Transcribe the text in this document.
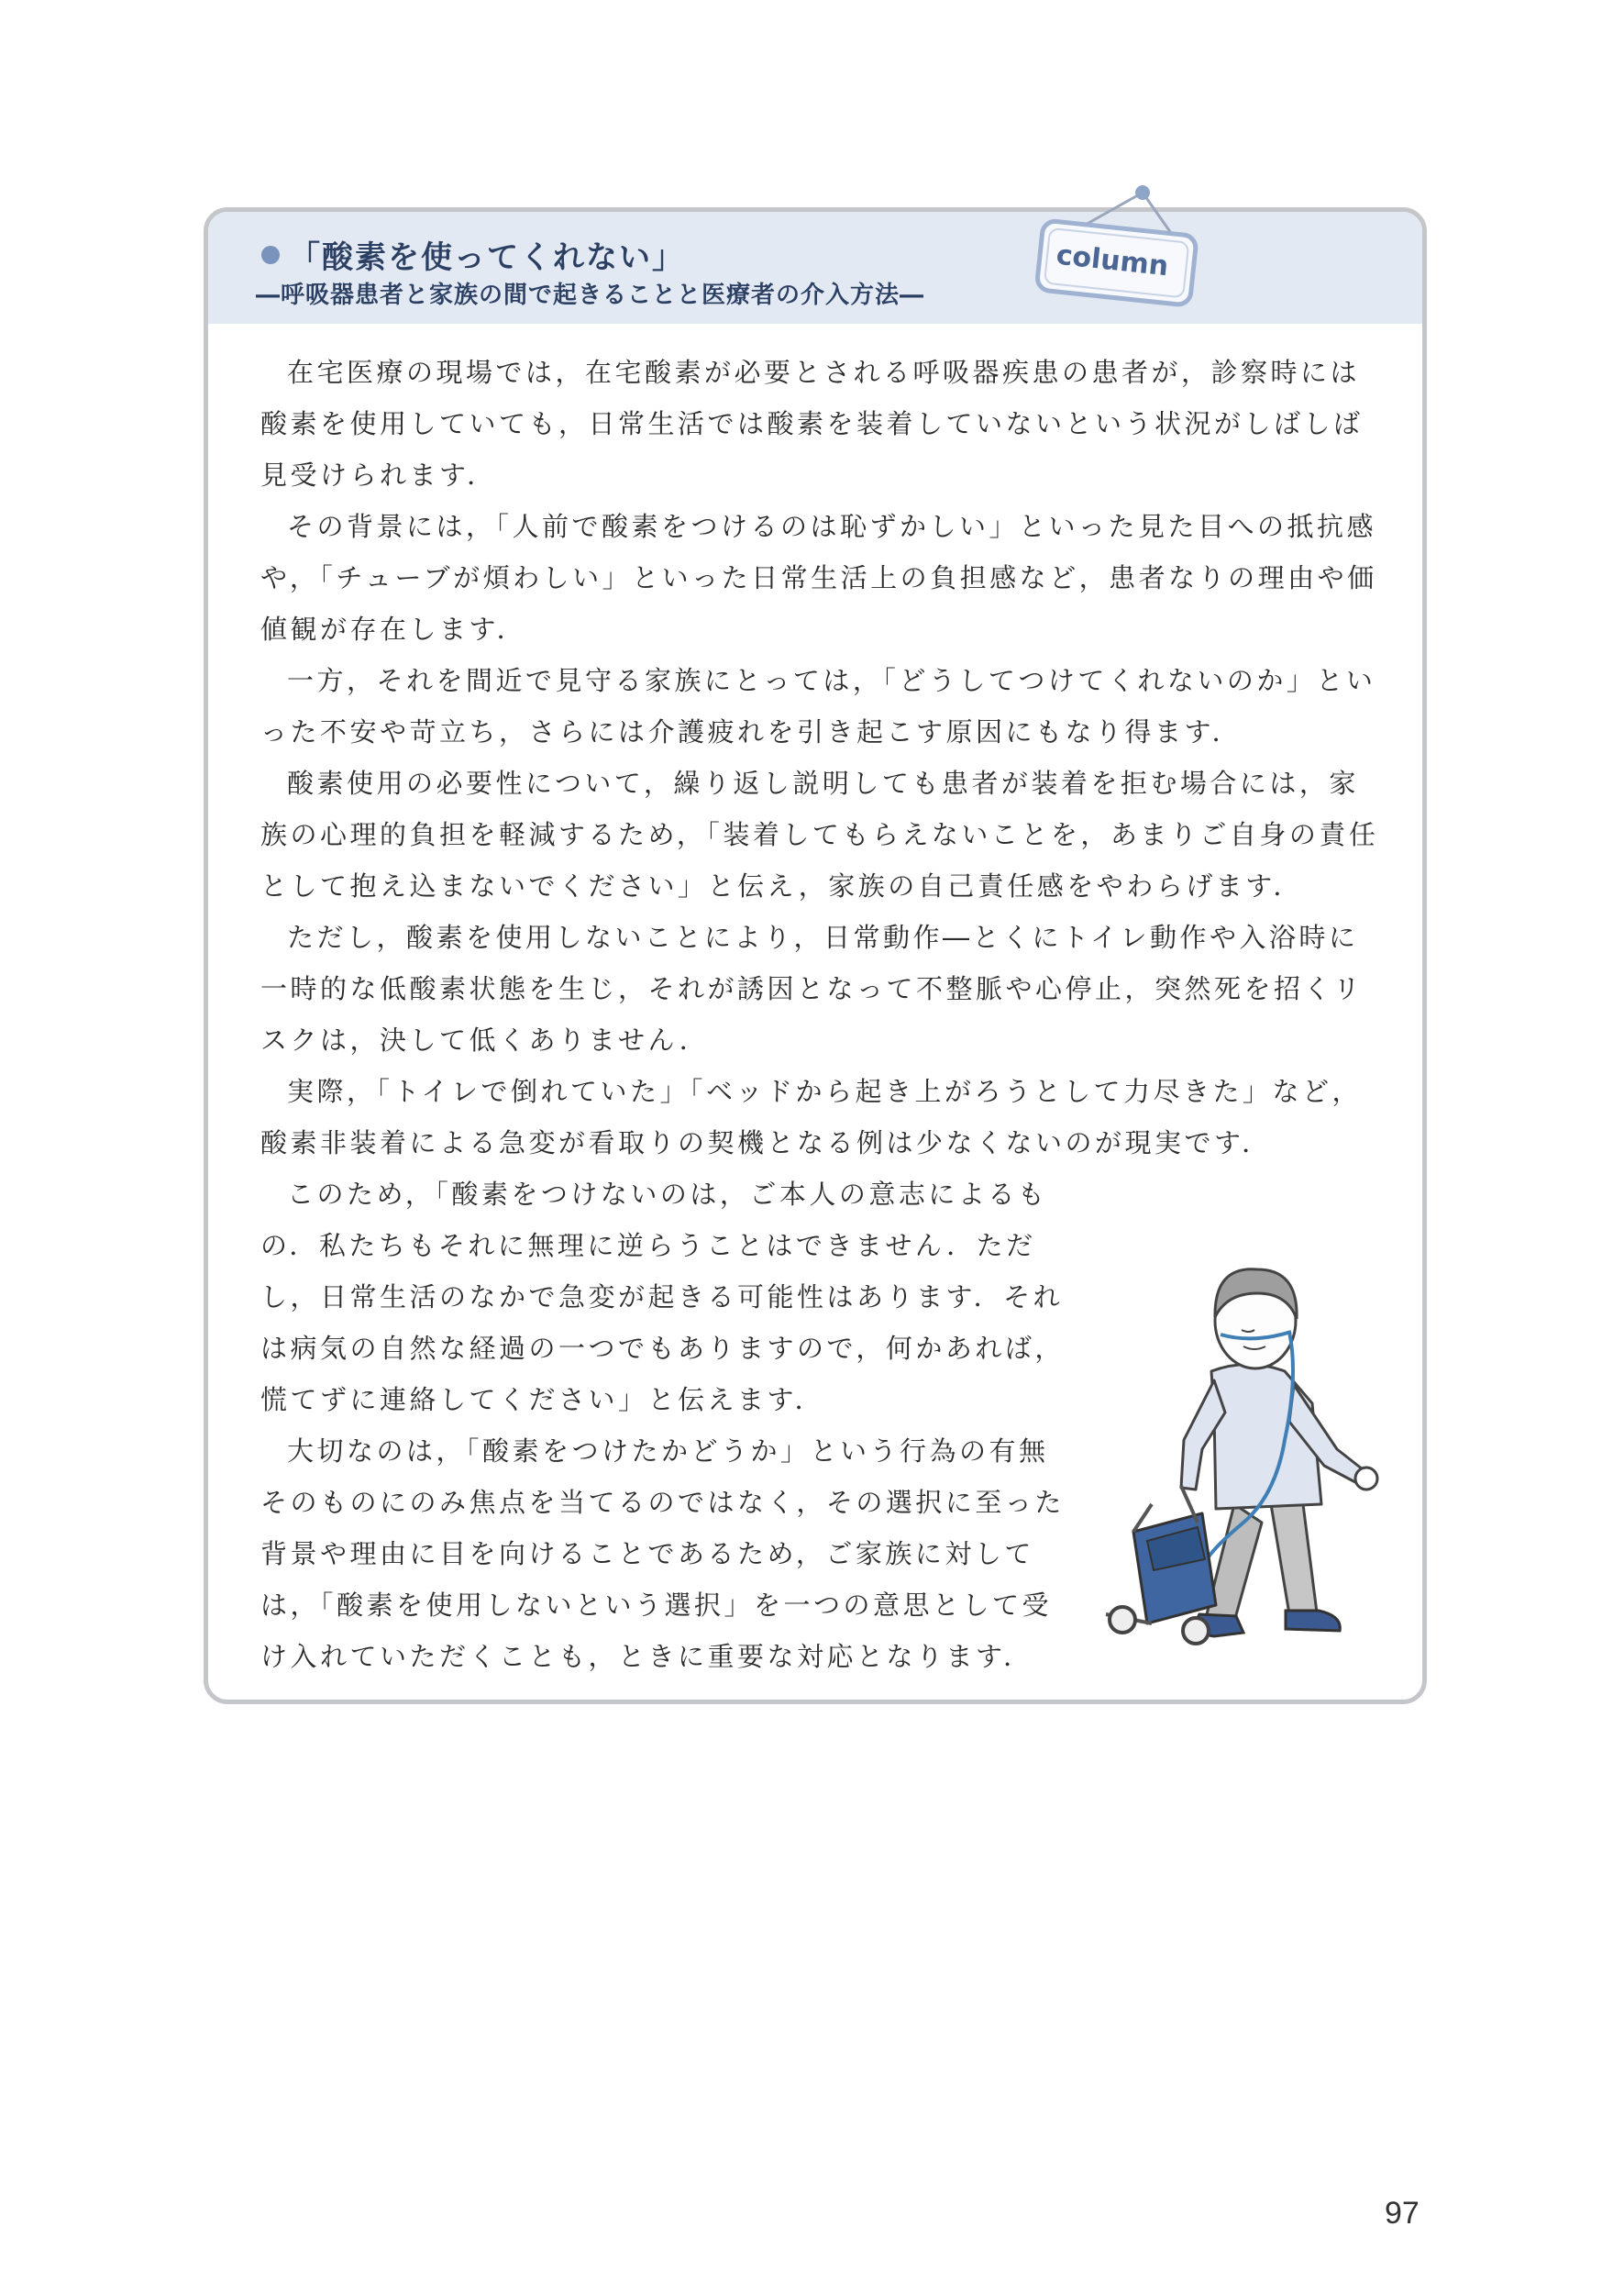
「酸素を使ってくれない」
―呼吸器患者と家族の間で起きることと医療者の介入方法―
column

在宅医療の現場では，在宅酸素が必要とされる呼吸器疾患の患者が，診察時には酸素を使用していても，日常生活では酸素を装着していないという状況がしばしば見受けられます．

その背景には，「人前で酸素をつけるのは恥ずかしい」といった見た目への抵抗感や，「チューブが煩わしい」といった日常生活上の負担感など，患者なりの理由や価値観が存在します．

一方，それを間近で見守る家族にとっては，「どうしてつけてくれないのか」といった不安や苛立ち，さらには介護疲れを引き起こす原因にもなり得ます．

酸素使用の必要性について，繰り返し説明しても患者が装着を拒む場合には，家族の心理的負担を軽減するため，「装着してもらえないことを，あまりご自身の責任として抱え込まないでください」と伝え，家族の自己責任感をやわらげます．

ただし，酸素を使用しないことにより，日常動作―とくにトイレ動作や入浴時に一時的な低酸素状態を生じ，それが誘因となって不整脈や心停止，突然死を招くリスクは，決して低くありません．

実際，「トイレで倒れていた」「ベッドから起き上がろうとして力尽きた」など，酸素非装着による急変が看取りの契機となる例は少なくないのが現実です．

このため，「酸素をつけないのは，ご本人の意志によるもの．私たちもそれに無理に逆らうことはできません．ただし，日常生活のなかで急変が起きる可能性はあります．それは病気の自然な経過の一つでもありますので，何かあれば，慌てずに連絡してください」と伝えます．

大切なのは，「酸素をつけたかどうか」という行為の有無そのものにのみ焦点を当てるのではなく，その選択に至った背景や理由に目を向けることであるため，ご家族に対しては，「酸素を使用しないという選択」を一つの意思として受け入れていただくことも，ときに重要な対応となります．

97
